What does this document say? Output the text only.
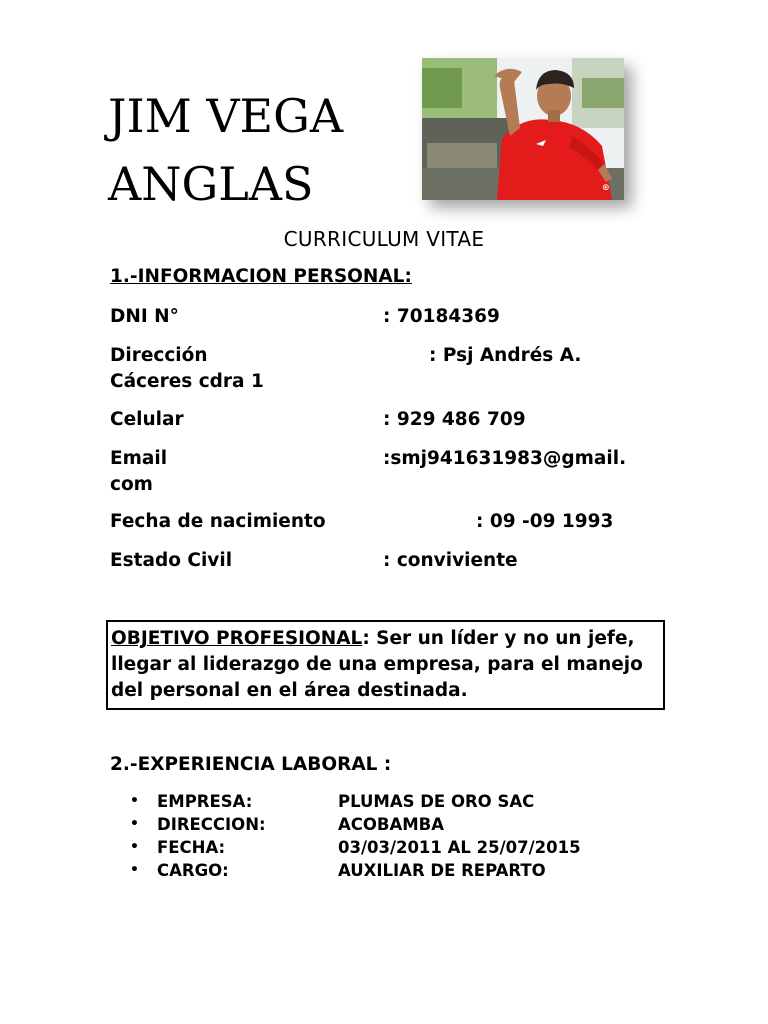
JIM VEGA
ANGLAS	⊕
CURRICULUM VITAE
1.-INFORMACION PERSONAL:
DNI N°	: 70184369
Dirección	: Psj Andrés A.
Cáceres cdra 1
Celular	: 929 486 709
Email	:smj941631983@gmail.
com
Fecha de nacimiento	: 09 -09 1993
Estado Civil	: conviviente
OBJETIVO PROFESIONAL: Ser un líder y no un jefe, llegar al liderazgo de una empresa, para el manejo del personal en el área destinada.
2.-EXPERIENCIA LABORAL :
• EMPRESA:	PLUMAS DE ORO SAC
• DIRECCION:	ACOBAMBA
• FECHA:	03/03/2011 AL 25/07/2015
• CARGO:	AUXILIAR DE REPARTO
